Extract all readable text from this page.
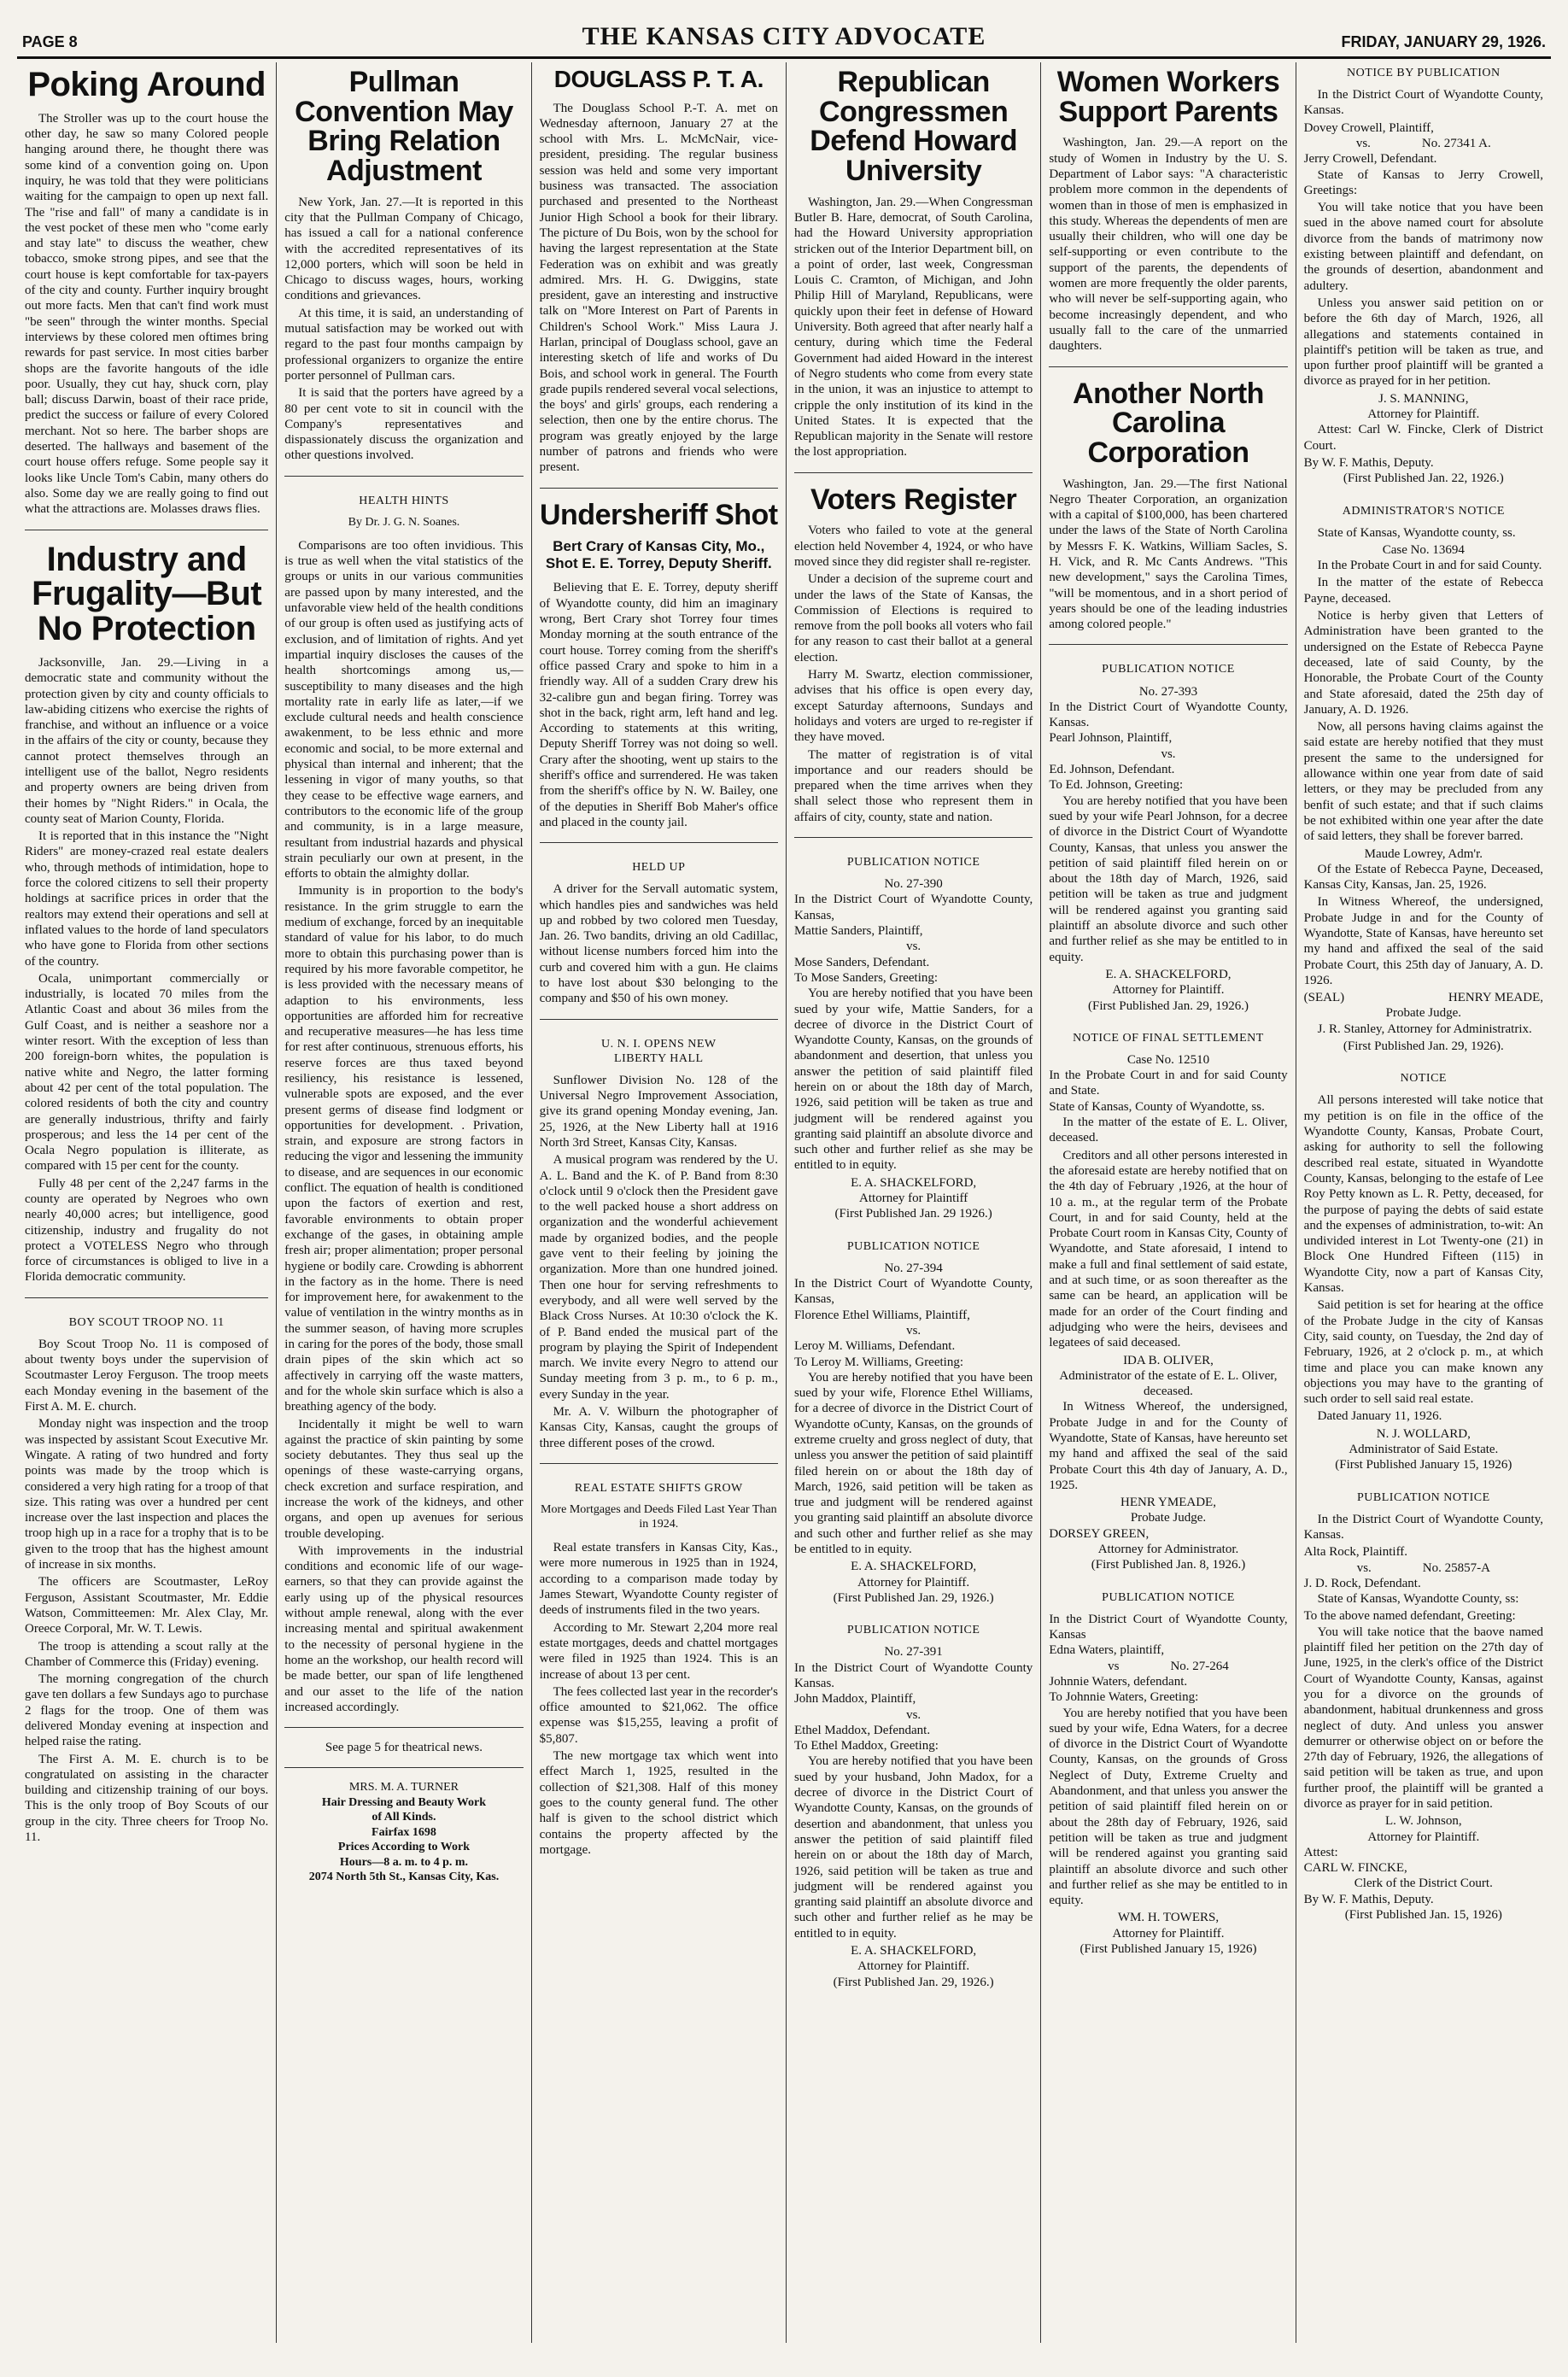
PAGE 8	THE KANSAS CITY ADVOCATE	FRIDAY, JANUARY 29, 1926.
Poking Around

The Stroller was up to the court house the other day, he saw so many Colored people hanging around there, he thought there was some kind of a convention going on. Upon inquiry, he was told that they were politicians waiting for the campaign to open up next fall. The "rise and fall" of many a candidate is in the vest pocket of these men who "come early and stay late" to discuss the weather, chew tobacco, smoke strong pipes, and see that the court house is kept comfortable for tax-payers of the city and county. Further inquiry brought out more facts. Men that can't find work must "be seen" through the winter months. Special interviews by these colored men oftimes bring rewards for past service. In most cities barber shops are the favorite hangouts of the idle poor. Usually, they cut hay, shuck corn, play ball; discuss Darwin, boast of their race pride, predict the success or failure of every Colored merchant. Not so here. The barber shops are deserted. The hallways and basement of the court house offers refuge. Some people say it looks like Uncle Tom's Cabin, many others do also. Some day we are really going to find out what the attractions are. Molasses draws flies.

Industry and Frugality—But No Protection

Jacksonville, Jan. 29.—Living in a democratic state and community without the protection given by city and county officials to law-abiding citizens who exercise the rights of franchise, and without an influence or a voice in the affairs of the city or county, because they cannot protect themselves through an intelligent use of the ballot, Negro residents and property owners are being driven from their homes by "Night Riders." in Ocala, the county seat of Marion County, Florida.

It is reported that in this instance the "Night Riders" are money-crazed real estate dealers who, through methods of intimidation, hope to force the colored citizens to sell their property holdings at sacrifice prices in order that the realtors may extend their operations and sell at inflated values to the horde of land speculators who have gone to Florida from other sections of the country.

Ocala, unimportant commercially or industrially, is located 70 miles from the Atlantic Coast and about 36 miles from the Gulf Coast, and is neither a seashore nor a winter resort. With the exception of less than 200 foreign-born whites, the population is native white and Negro, the latter forming about 42 per cent of the total population. The colored residents of both the city and country are generally industrious, thrifty and fairly prosperous; and less the 14 per cent of the Ocala Negro population is illiterate, as compared with 15 per cent for the county.

Fully 48 per cent of the 2,247 farms in the county are operated by Negroes who own nearly 40,000 acres; but intelligence, good citizenship, industry and frugality do not protect a VOTELESS Negro who through force of circumstances is obliged to live in a Florida democratic community.

BOY SCOUT TROOP NO. 11

Boy Scout Troop No. 11 is composed of about twenty boys under the supervision of Scoutmaster Leroy Ferguson. The troop meets each Monday evening in the basement of the First A. M. E. church.

Monday night was inspection and the troop was inspected by assistant Scout Executive Mr. Wingate. A rating of two hundred and forty points was made by the troop which is considered a very high rating for a troop of that size. This rating was over a hundred per cent increase over the last inspection and places the troop high up in a race for a trophy that is to be given to the troop that has the highest amount of increase in six months.

The officers are Scoutmaster, LeRoy Ferguson, Assistant Scoutmaster, Mr. Eddie Watson, Committeemen: Mr. Alex Clay, Mr. Oreece Corporal, Mr. W. T. Lewis.

The troop is attending a scout rally at the Chamber of Commerce this (Friday) evening.

The morning congregation of the church gave ten dollars a few Sundays ago to purchase 2 flags for the troop. One of them was delivered Monday evening at inspection and helped raise the rating.

The First A. M. E. church is to be congratulated on assisting in the character building and citizenship training of our boys. This is the only troop of Boy Scouts of our group in the city. Three cheers for Troop No. 11.

Pullman Convention May Bring Relation Adjustment

New York, Jan. 27.—It is reported in this city that the Pullman Company of Chicago, has issued a call for a national conference with the accredited representatives of its 12,000 porters, which will soon be held in Chicago to discuss wages, hours, working conditions and grievances.

At this time, it is said, an understanding of mutual satisfaction may be worked out with regard to the past four months campaign by professional organizers to organize the entire porter personnel of Pullman cars.

It is said that the porters have agreed by a 80 per cent vote to sit in council with the Company's representatives and dispassionately discuss the organization and other questions involved.

HEALTH HINTS
By Dr. J. G. N. Soanes.

Comparisons are too often invidious. This is true as well when the vital statistics of the groups or units in our various communities are passed upon by many interested, and the unfavorable view held of the health conditions of our group is often used as justifying acts of exclusion, and of limitation of rights. And yet impartial inquiry discloses the causes of the health shortcomings among us,—susceptibility to many diseases and the high mortality rate in early life as later,—if we exclude cultural needs and health conscience awakenment, to be less ethnic and more economic and social, to be more external and physical than internal and inherent; that the lessening in vigor of many youths, so that they cease to be effective wage earners, and contributors to the economic life of the group and community, is in a large measure, resultant from industrial hazards and physical strain peculiarly our own at present, in the efforts to obtain the almighty dollar.

Immunity is in proportion to the body's resistance. In the grim struggle to earn the medium of exchange, forced by an inequitable standard of value for his labor, to do much more to obtain this purchasing power than is required by his more favorable competitor, he is less provided with the necessary means of adaption to his environments, less opportunities are afforded him for recreative and recuperative measures—he has less time for rest after continuous, strenuous efforts, his reserve forces are thus taxed beyond resiliency, his resistance is lessened, vulnerable spots are exposed, and the ever present germs of disease find lodgment or opportunities for development. . Privation, strain, and exposure are strong factors in reducing the vigor and lessening the immunity to disease, and are sequences in our economic conflict. The equation of health is conditioned upon the factors of exertion and rest, favorable environments to obtain proper exchange of the gases, in obtaining ample fresh air; proper alimentation; proper personal hygiene or bodily care. Crowding is abhorrent in the factory as in the home. There is need for improvement here, for awakenment to the value of ventilation in the wintry months as in the summer season, of having more scruples in caring for the pores of the body, those small drain pipes of the skin which act so affectively in carrying off the waste matters, and for the whole skin surface which is also a breathing agency of the body.

Incidentally it might be well to warn against the practice of skin painting by some society debutantes. They thus seal up the openings of these waste-carrying organs, check excretion and surface respiration, and increase the work of the kidneys, and other organs, and open up avenues for serious trouble developing.

With improvements in the industrial conditions and economic life of our wage-earners, so that they can provide against the early using up of the physical resources without ample renewal, along with the ever increasing mental and spiritual awakenment to the necessity of personal hygiene in the home an the workshop, our health record will be made better, our span of life lengthened and our asset to the life of the nation increased accordingly.

See page 5 for theatrical news.
MRS. M. A. TURNER
Hair Dressing and Beauty Work
of All Kinds.
Fairfax 1698
Prices According to Work
Hours—8 a. m. to 4 p. m.
2074 North 5th St., Kansas City, Kas.
DOUGLASS P. T. A.

The Douglass School P.-T. A. met on Wednesday afternoon, January 27 at the school with Mrs. L. McMcNair, vice-president, presiding. The regular business session was held and some very important business was transacted. The association purchased and presented to the Northeast Junior High School a book for their library. The picture of Du Bois, won by the school for having the largest representation at the State Federation was on exhibit and was greatly admired. Mrs. H. G. Dwiggins, state president, gave an interesting and instructive talk on "More Interest on Part of Parents in Children's School Work." Miss Laura J. Harlan, principal of Douglass school, gave an interesting sketch of life and works of Du Bois, and school work in general. The Fourth grade pupils rendered several vocal selections, the boys' and girls' groups, each rendering a selection, then one by the entire chorus. The program was greatly enjoyed by the large number of patrons and friends who were present.

Undersheriff Shot
Bert Crary of Kansas City, Mo., Shot E. E. Torrey, Deputy Sheriff.

Believing that E. E. Torrey, deputy sheriff of Wyandotte county, did him an imaginary wrong, Bert Crary shot Torrey four times Monday morning at the south entrance of the court house. Torrey coming from the sheriff's office passed Crary and spoke to him in a friendly way. All of a sudden Crary drew his 32-calibre gun and began firing. Torrey was shot in the back, right arm, left hand and leg. According to statements at this writing, Deputy Sheriff Torrey was not doing so well. Crary after the shooting, went up stairs to the sheriff's office and surrendered. He was taken from the sheriff's office by N. W. Bailey, one of the deputies in Sheriff Bob Maher's office and placed in the county jail.

HELD UP

A driver for the Servall automatic system, which handles pies and sandwiches was held up and robbed by two colored men Tuesday, Jan. 26. Two bandits, driving an old Cadillac, without license numbers forced him into the curb and covered him with a gun. He claims to have lost about $30 belonging to the company and $50 of his own money.

U. N. I. OPENS NEW
LIBERTY HALL

Sunflower Division No. 128 of the Universal Negro Improvement Association, give its grand opening Monday evening, Jan. 25, 1926, at the New Liberty hall at 1916 North 3rd Street, Kansas City, Kansas.

A musical program was rendered by the U. A. L. Band and the K. of P. Band from 8:30 o'clock until 9 o'clock then the President gave to the well packed house a short address on organization and the wonderful achievement made by organized bodies, and the people gave vent to their feeling by joining the organization. More than one hundred joined. Then one hour for serving refreshments to everybody, and all were well served by the Black Cross Nurses. At 10:30 o'clock the K. of P. Band ended the musical part of the program by playing the Spirit of Independent march. We invite every Negro to attend our Sunday meeting from 3 p. m., to 6 p. m., every Sunday in the year.

Mr. A. V. Wilburn the photographer of Kansas City, Kansas, caught the groups of three different poses of the crowd.

REAL ESTATE SHIFTS GROW
More Mortgages and Deeds Filed Last Year Than in 1924.

Real estate transfers in Kansas City, Kas., were more numerous in 1925 than in 1924, according to a comparison made today by James Stewart, Wyandotte County register of deeds of instruments filed in the two years.

According to Mr. Stewart 2,204 more real estate mortgages, deeds and chattel mortgages were filed in 1925 than 1924. This is an increase of about 13 per cent.

The fees collected last year in the recorder's office amounted to $21,062. The office expense was $15,255, leaving a profit of $5,807.

The new mortgage tax which went into effect March 1, 1925, resulted in the collection of $21,308. Half of this money goes to the county general fund. The other half is given to the school district which contains the property affected by the mortgage.

Republican Congressmen Defend Howard University

Washington, Jan. 29.—When Congressman Butler B. Hare, democrat, of South Carolina, had the Howard University appropriation stricken out of the Interior Department bill, on a point of order, last week, Congressman Louis C. Cramton, of Michigan, and John Philip Hill of Maryland, Republicans, were quickly upon their feet in defense of Howard University. Both agreed that after nearly half a century, during which time the Federal Government had aided Howard in the interest of Negro students who come from every state in the union, it was an injustice to attempt to cripple the only institution of its kind in the United States. It is expected that the Republican majority in the Senate will restore the lost appropriation.

Voters Register

Voters who failed to vote at the general election held November 4, 1924, or who have moved since they did register shall re-register.

Under a decision of the supreme court and under the laws of the State of Kansas, the Commission of Elections is required to remove from the poll books all voters who fail for any reason to cast their ballot at a general election.

Harry M. Swartz, election commissioner, advises that his office is open every day, except Saturday afternoons, Sundays and holidays and voters are urged to re-register if they have moved.

The matter of registration is of vital importance and our readers should be prepared when the time arrives when they shall select those who represent them in affairs of city, county, state and nation.

PUBLICATION NOTICE
No. 27-390
In the District Court of Wyandotte County, Kansas,
Mattie Sanders, Plaintiff,
vs.
Mose Sanders, Defendant.
To Mose Sanders, Greeting:

You are hereby notified that you have been sued by your wife, Mattie Sanders, for a decree of divorce in the District Court of Wyandotte County, Kansas, on the grounds of abandonment and desertion, that unless you answer the petition of said plaintiff filed herein on or about the 18th day of March, 1926, said petition will be taken as true and judgment will be rendered against you granting said plaintiff an absolute divorce and such other and further relief as she may be entitled to in equity.

E. A. SHACKELFORD,
Attorney for Plaintiff
(First Published Jan. 29 1926.)
PUBLICATION NOTICE
No. 27-394
In the District Court of Wyandotte County, Kansas,
Florence Ethel Williams, Plaintiff,
vs.
Leroy M. Williams, Defendant.
To Leroy M. Williams, Greeting:

You are hereby notified that you have been sued by your wife, Florence Ethel Williams, for a decree of divorce in the District Court of Wyandotte oCunty, Kansas, on the grounds of extreme cruelty and gross neglect of duty, that unless you answer the petition of said plaintiff filed herein on or about the 18th day of March, 1926, said petition will be taken as true and judgment will be rendered against you granting said plaintiff an absolute divorce and such other and further relief as she may be entitled to in equity.

E. A. SHACKELFORD,
Attorney for Plaintiff.
(First Published Jan. 29, 1926.)
PUBLICATION NOTICE
No. 27-391
In the District Court of Wyandotte County Kansas.
John Maddox, Plaintiff,
vs.
Ethel Maddox, Defendant.
To Ethel Maddox, Greeting:

You are hereby notified that you have been sued by your husband, John Madox, for a decree of divorce in the District Court of Wyandotte County, Kansas, on the grounds of desertion and abandonment, that unless you answer the petition of said plaintiff filed herein on or about the 18th day of March, 1926, said petition will be taken as true and judgment will be rendered against you granting said plaintiff an absolute divorce and such other and further relief as he may be entitled to in equity.

E. A. SHACKELFORD,
Attorney for Plaintiff.
(First Published Jan. 29, 1926.)
Women Workers Support Parents

Washington, Jan. 29.—A report on the study of Women in Industry by the U. S. Department of Labor says: "A characteristic problem more common in the dependents of women than in those of men is emphasized in this study. Whereas the dependents of men are usually their children, who will one day be self-supporting or even contribute to the support of the parents, the dependents of women are more frequently the older parents, who will never be self-supporting again, who become increasingly dependent, and who usually fall to the care of the unmarried daughters.

Another North Carolina Corporation

Washington, Jan. 29.—The first National Negro Theater Corporation, an organization with a capital of $100,000, has been chartered under the laws of the State of North Carolina by Messrs F. K. Watkins, William Sacles, S. H. Vick, and R. Mc Cants Andrews. "This new development," says the Carolina Times, "will be momentous, and in a short period of years should be one of the leading industries among colored people."

PUBLICATION NOTICE
No. 27-393
In the District Court of Wyandotte County, Kansas.
Pearl Johnson, Plaintiff,
vs.
Ed. Johnson, Defendant.
To Ed. Johnson, Greeting:

You are hereby notified that you have been sued by your wife Pearl Johnson, for a decree of divorce in the District Court of Wyandotte County, Kansas, that unless you answer the petition of said plaintiff filed herein on or about the 18th day of March, 1926, said petition will be taken as true and judgment will be rendered against you granting said plaintiff an absolute divorce and such other and further relief as she may be entitled to in equity.

E. A. SHACKELFORD,
Attorney for Plaintiff.
(First Published Jan. 29, 1926.)
NOTICE OF FINAL SETTLEMENT
Case No. 12510
In the Probate Court in and for said County and State.
State of Kansas, County of Wyandotte, ss.

In the matter of the estate of E. L. Oliver, deceased.

Creditors and all other persons interested in the aforesaid estate are hereby notified that on the 4th day of February ,1926, at the hour of 10 a. m., at the regular term of the Probate Court, in and for said County, held at the Probate Court room in Kansas City, County of Wyandotte, and State aforesaid, I intend to make a full and final settlement of said estate, and at such time, or as soon thereafter as the same can be heard, an application will be made for an order of the Court finding and adjudging who were the heirs, devisees and legatees of said deceased.

IDA B. OLIVER,
Administrator of the estate of E. L. Oliver, deceased.

In Witness Whereof, the undersigned, Probate Judge in and for the County of Wyandotte, State of Kansas, have hereunto set my hand and affixed the seal of the said Probate Court this 4th day of January, A. D., 1925.

HENR YMEADE,
Probate Judge.
DORSEY GREEN,
Attorney for Administrator.
(First Published Jan. 8, 1926.)
PUBLICATION NOTICE
In the District Court of Wyandotte County, Kansas
Edna Waters, plaintiff,
vs                No. 27-264
Johnnie Waters, defendant.
To Johnnie Waters, Greeting:

You are hereby notified that you have been sued by your wife, Edna Waters, for a decree of divorce in the District Court of Wyandotte County, Kansas, on the grounds of Gross Neglect of Duty, Extreme Cruelty and Abandonment, and that unless you answer the petition of said plaintiff filed herein on or about the 28th day of February, 1926, said petition will be taken as true and judgment will be rendered against you granting said plaintiff an absolute divorce and such other and further relief as she may be entitled to in equity.

WM. H. TOWERS,
Attorney for Plaintiff.
(First Published January 15, 1926)
NOTICE BY PUBLICATION

In the District Court of Wyandotte County, Kansas.

Dovey Crowell, Plaintiff,
vs.                No. 27341 A.
Jerry Crowell, Defendant.

State of Kansas to Jerry Crowell, Greetings:

You will take notice that you have been sued in the above named court for absolute divorce from the bands of matrimony now existing between plaintiff and defendant, on the grounds of desertion, abandonment and adultery.

Unless you answer said petition on or before the 6th day of March, 1926, all allegations and statements contained in plaintiff's petition will be taken as true, and upon further proof plaintiff will be granted a divorce as prayed for in her petition.

J. S. MANNING,
Attorney for Plaintiff.

Attest: Carl W. Fincke, Clerk of District Court.

By W. F. Mathis, Deputy.
(First Published Jan. 22, 1926.)
ADMINISTRATOR'S NOTICE

State of Kansas, Wyandotte county, ss.

Case No. 13694

In the Probate Court in and for said County.

In the matter of the estate of Rebecca Payne, deceased.

Notice is herby given that Letters of Administration have been granted to the undersigned on the Estate of Rebecca Payne deceased, late of said County, by the Honorable, the Probate Court of the County and State aforesaid, dated the 25th day of January, A. D. 1926.

Now, all persons having claims against the said estate are hereby notified that they must present the same to the undersigned for allowance within one year from date of said letters, or they may be precluded from any benfit of such estate; and that if such claims be not exhibited within one year after the date of said letters, they shall be forever barred.

Maude Lowrey, Adm'r.

Of the Estate of Rebecca Payne, Deceased, Kansas City, Kansas, Jan. 25, 1926.

In Witness Whereof, the undersigned, Probate Judge in and for the County of Wyandotte, State of Kansas, have hereunto set my hand and affixed the seal of the said Probate Court, this 25th day of January, A. D. 1926.

(SEAL)	HENRY MEADE,
Probate Judge.

J. R. Stanley, Attorney for Administratrix.

(First Published Jan. 29, 1926).
NOTICE

All persons interested will take notice that my petition is on file in the office of the Wyandotte County, Kansas, Probate Court, asking for authority to sell the following described real estate, situated in Wyandotte County, Kansas, belonging to the estafe of Lee Roy Petty known as L. R. Petty, deceased, for the purpose of paying the debts of said estate and the expenses of administration, to-wit: An undivided interest in Lot Twenty-one (21) in Block One Hundred Fifteen (115) in Wyandotte City, now a part of Kansas City, Kansas.

Said petition is set for hearing at the office of the Probate Judge in the city of Kansas City, said county, on Tuesday, the 2nd day of February, 1926, at 2 o'clock p. m., at which time and place you can make known any objections you may have to the granting of such order to sell said real estate.

Dated January 11, 1926.

N. J. WOLLARD,
Administrator of Said Estate.
(First Published January 15, 1926)
PUBLICATION NOTICE

In the District Court of Wyandotte County, Kansas.

Alta Rock, Plaintiff.
vs.                No. 25857-A
J. D. Rock, Defendant.

State of Kansas, Wyandotte County, ss:

To the above named defendant, Greeting:

You will take notice that the baove named plaintiff filed her petition on the 27th day of June, 1925, in the clerk's office of the District Court of Wyandotte County, Kansas, against you for a divorce on the grounds of abandonment, habitual drunkenness and gross neglect of duty. And unless you answer demurrer or otherwise object on or before the 27th day of February, 1926, the allegations of said petition will be taken as true, and upon further proof, the plaintiff will be granted a divorce as prayer for in said petition.

L. W. Johnson,
Attorney for Plaintiff.
Attest:
CARL W. FINCKE,
Clerk of the District Court.
By W. F. Mathis, Deputy.
(First Published Jan. 15, 1926)
